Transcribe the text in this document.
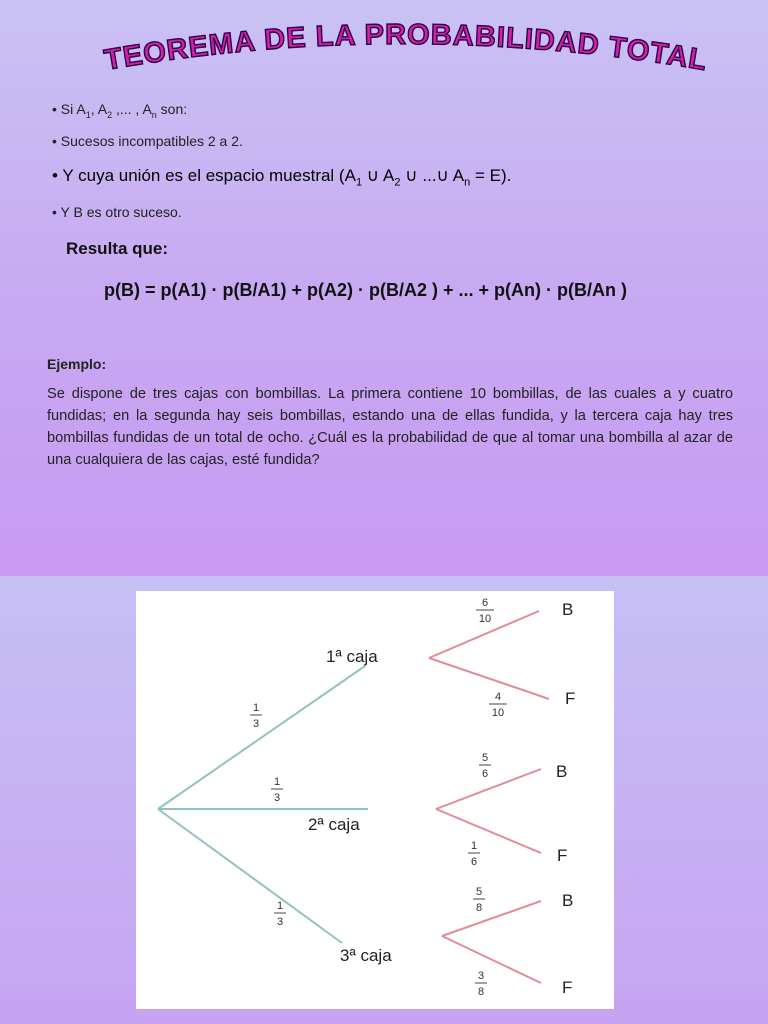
TEOREMA DE LA PROBABILIDAD TOTAL
• Si $A_1$, $A_2$ ,... , $A_n$ son:
• Sucesos incompatibles 2 a 2.
• Y cuya unión es el espacio muestral ($A_1$ ∪ $A_2$ ∪ ...∪ $A_n = E$).
• Y B es otro suceso.
Resulta que:
p(B) = p(A1) · p(B/A1) + p(A2) · p(B/A2 ) + ... + p(An) · p(B/An )
Ejemplo:
Se dispone de tres cajas con bombillas. La primera contiene 10 bombillas, de las cuales a y cuatro fundidas; en la segunda hay seis bombillas, estando una de ellas fundida, y la tercera caja hay tres bombillas fundidas de un total de ocho. ¿Cuál es la probabilidad de que al tomar una bombilla al azar de una cualquiera de las cajas, esté fundida?
1ª caja
2ª caja
3ª caja
B
F
B
F
B
F
1
3
1
3
1
3
6
10
4
10
5
6
1
6
5
8
3
8
